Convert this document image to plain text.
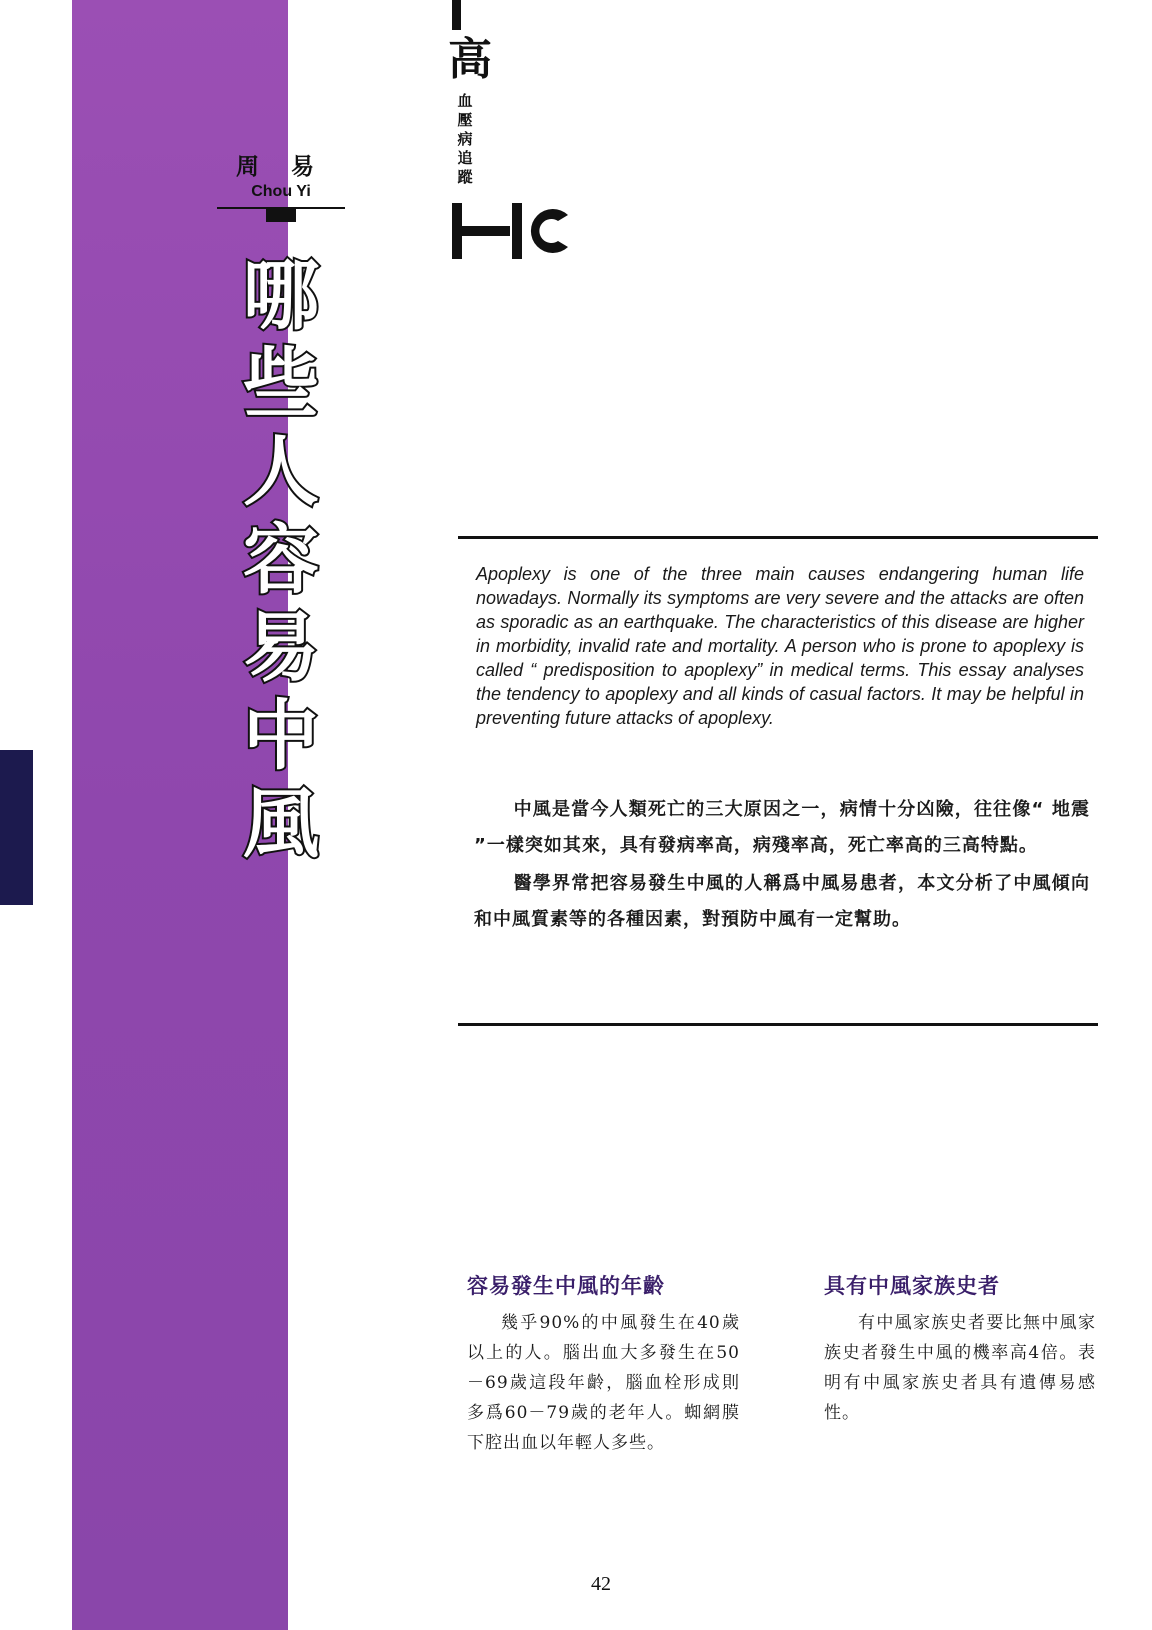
周 易
Chou Yi
哪
些
人
容
易
中
風
高
血
壓
病
追
蹤
Apoplexy is one of the three main causes endangering human life nowadays. Normally its symptoms are very severe and the attacks are often as sporadic as an earthquake. The characteristics of this disease are higher in morbidity, invalid rate and mortality. A person who is prone to apoplexy is called “ predisposition to apoplexy” in medical terms. This essay analyses the tendency to apoplexy and all kinds of casual factors. It may be helpful in preventing future attacks of apoplexy.

中風是當今人類死亡的三大原因之一，病情十分凶險，往往像“ 地震 ”一樣突如其來，具有發病率高，病殘率高，死亡率高的三高特點。

醫學界常把容易發生中風的人稱爲中風易患者，本文分析了中風傾向和中風質素等的各種因素，對預防中風有一定幫助。

容易發生中風的年齡

幾乎90%的中風發生在40歲以上的人。腦出血大多發生在50－69歲這段年齡，腦血栓形成則多爲60－79歲的老年人。蜘網膜下腔出血以年輕人多些。

具有中風家族史者

有中風家族史者要比無中風家族史者發生中風的機率高4倍。表明有中風家族史者具有遺傳易感性。

42
